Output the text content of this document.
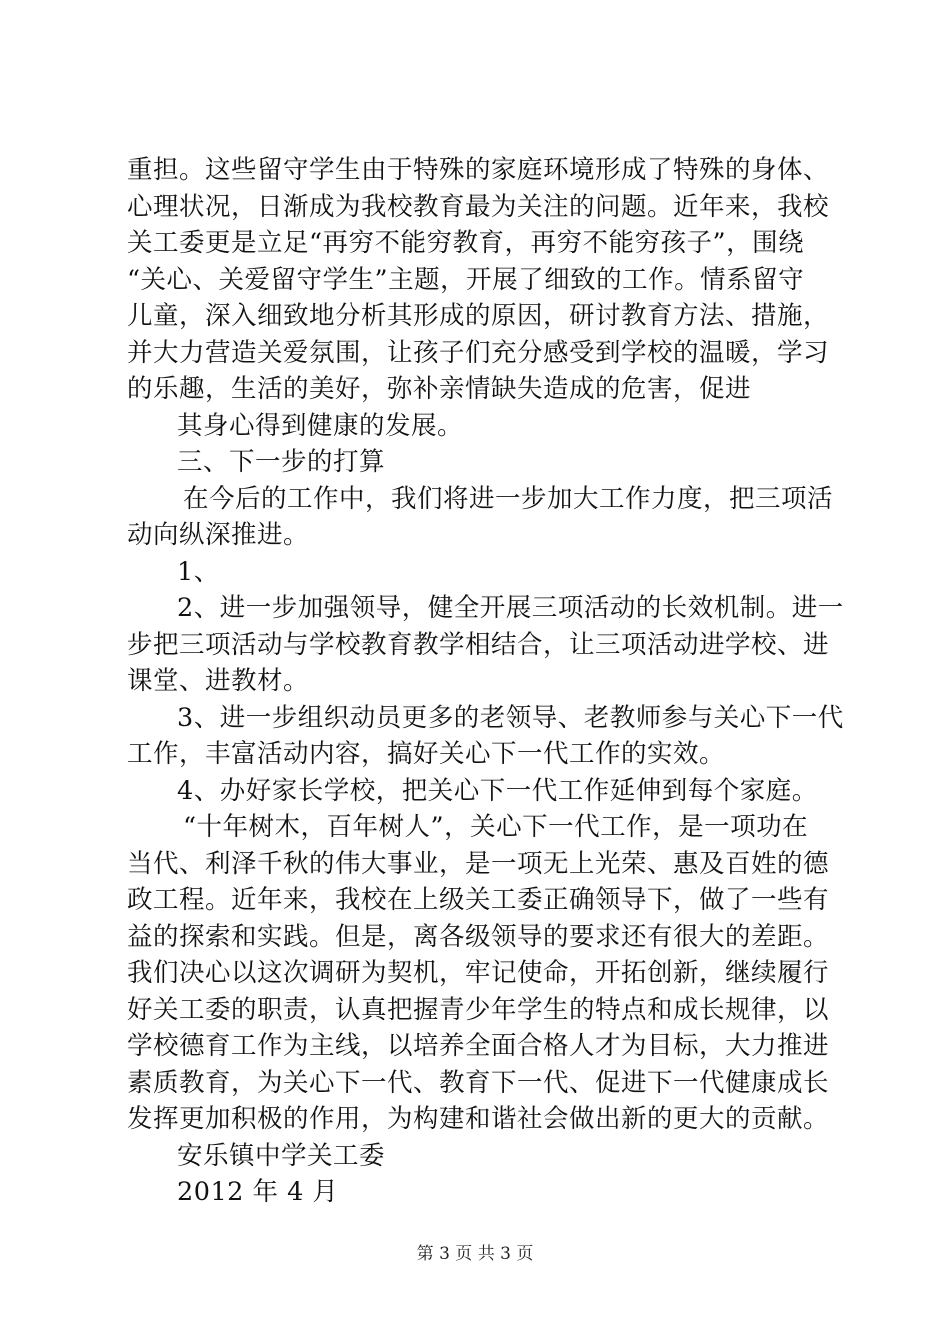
重担。这些留守学生由于特殊的家庭环境形成了特殊的身体、
心理状况，日渐成为我校教育最为关注的问题。近年来，我校
关工委更是立足“再穷不能穷教育，再穷不能穷孩子”，围绕
“关心、关爱留守学生”主题，开展了细致的工作。情系留守
儿童，深入细致地分析其形成的原因，研讨教育方法、措施，
并大力营造关爱氛围，让孩子们充分感受到学校的温暖，学习
的乐趣，生活的美好，弥补亲情缺失造成的危害，促进
其身心得到健康的发展。
三、下一步的打算
在今后的工作中，我们将进一步加大工作力度，把三项活
动向纵深推进。
1、
2、进一步加强领导，健全开展三项活动的长效机制。进一
步把三项活动与学校教育教学相结合，让三项活动进学校、进
课堂、进教材。
3、进一步组织动员更多的老领导、老教师参与关心下一代
工作，丰富活动内容，搞好关心下一代工作的实效。
4、办好家长学校，把关心下一代工作延伸到每个家庭。
“十年树木，百年树人”，关心下一代工作，是一项功在
当代、利泽千秋的伟大事业，是一项无上光荣、惠及百姓的德
政工程。近年来，我校在上级关工委正确领导下，做了一些有
益的探索和实践。但是，离各级领导的要求还有很大的差距。
我们决心以这次调研为契机，牢记使命，开拓创新，继续履行
好关工委的职责，认真把握青少年学生的特点和成长规律，以
学校德育工作为主线，以培养全面合格人才为目标，大力推进
素质教育，为关心下一代、教育下一代、促进下一代健康成长
发挥更加积极的作用，为构建和谐社会做出新的更大的贡献。
安乐镇中学关工委
2012 年 4 月
第 3 页 共 3 页
